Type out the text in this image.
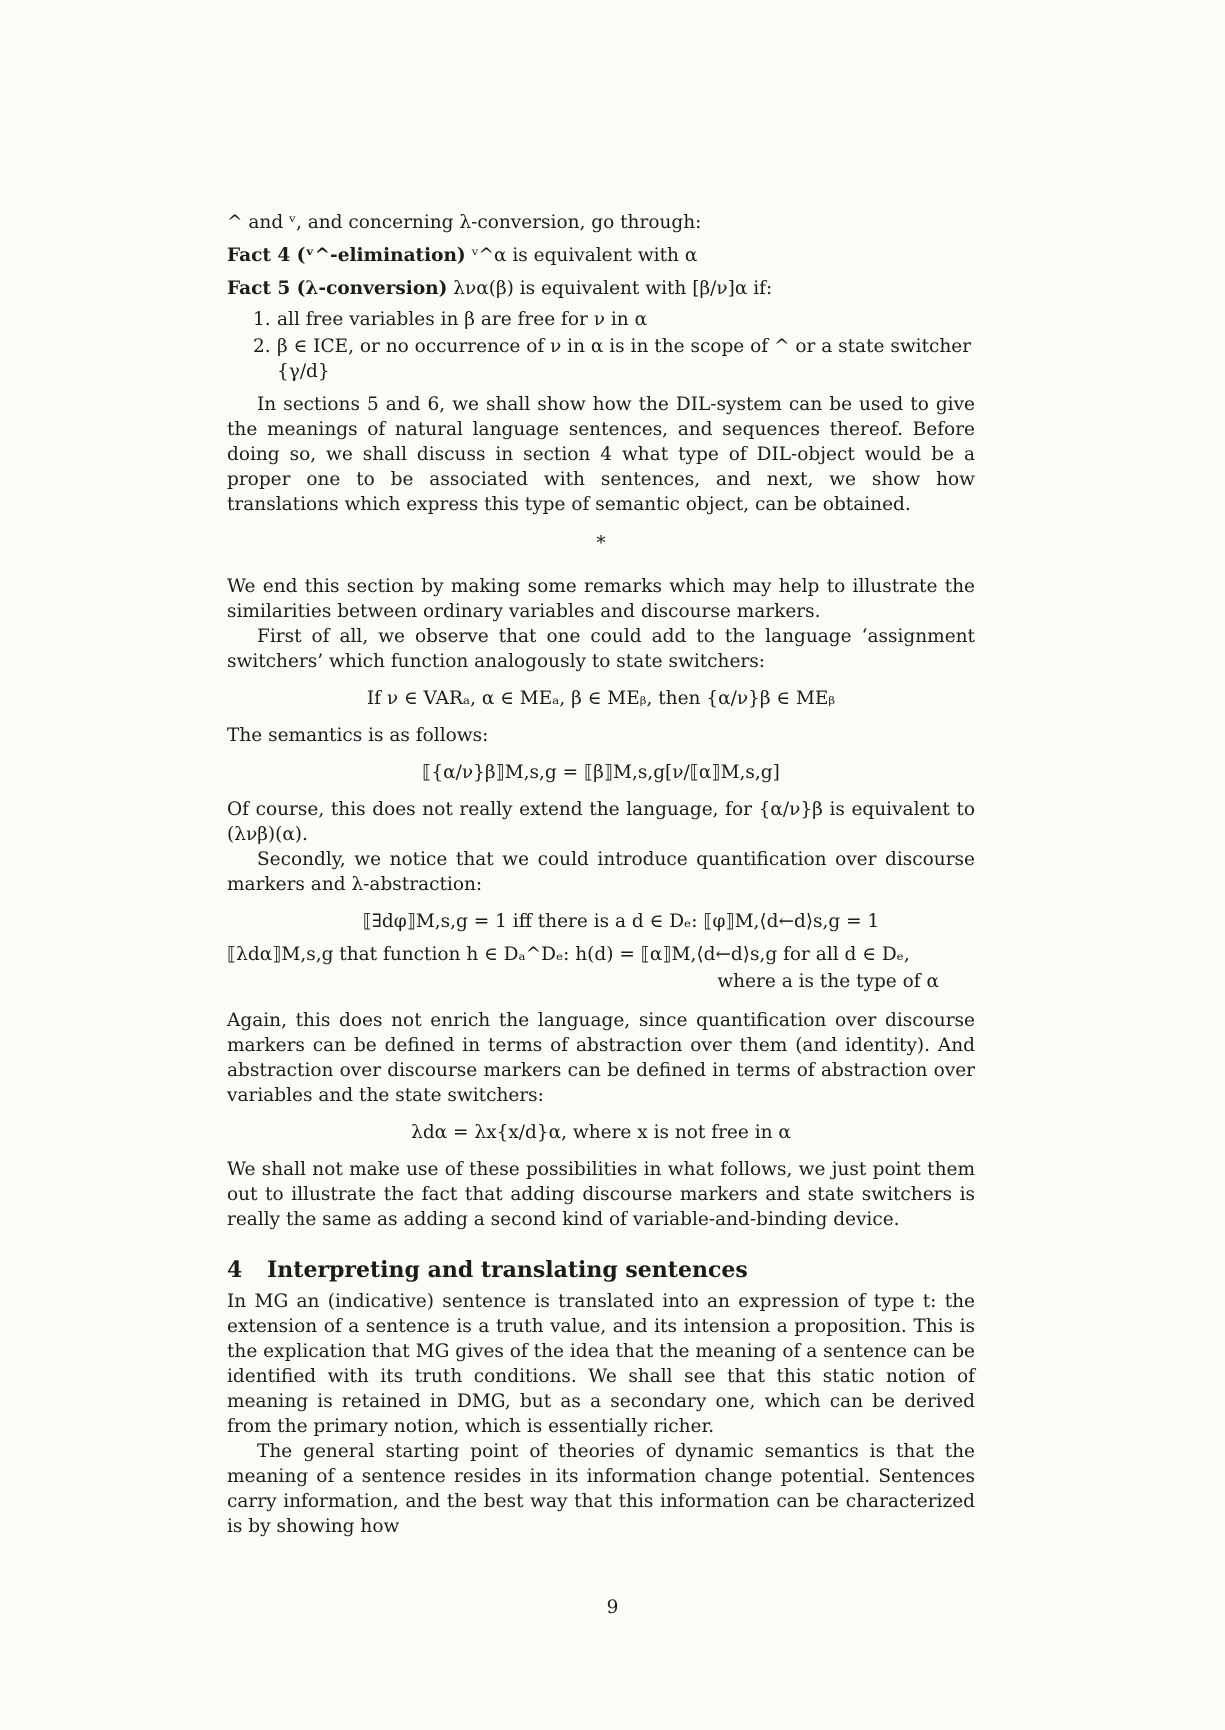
^ and ᵛ, and concerning λ-conversion, go through:

Fact 4 (ᵛ^-elimination) ᵛ^α is equivalent with α

Fact 5 (λ-conversion) λνα(β) is equivalent with [β/ν]α if:

1. all free variables in β are free for ν in α
2. β ∈ ICE, or no occurrence of ν in α is in the scope of ^ or a state switcher {γ/d}

In sections 5 and 6, we shall show how the DIL-system can be used to give the meanings of natural language sentences, and sequences thereof. Before doing so, we shall discuss in section 4 what type of DIL-object would be a proper one to be associated with sentences, and next, we show how translations which express this type of semantic object, can be obtained.

*

We end this section by making some remarks which may help to illustrate the similarities between ordinary variables and discourse markers.

First of all, we observe that one could add to the language ‘assignment switchers’ which function analogously to state switchers:

If ν ∈ VARₐ, α ∈ MEₐ, β ∈ MEᵦ, then {α/ν}β ∈ MEᵦ

The semantics is as follows:

⟦{α/ν}β⟧M,s,g = ⟦β⟧M,s,g[ν/⟦α⟧M,s,g]

Of course, this does not really extend the language, for {α/ν}β is equivalent to (λνβ)(α).

Secondly, we notice that we could introduce quantification over discourse markers and λ-abstraction:

⟦∃dφ⟧M,s,g = 1 iff there is a d ∈ Dₑ: ⟦φ⟧M,⟨d←d⟩s,g = 1
⟦λdα⟧M,s,g that function h ∈ Dₐ^Dₑ: h(d) = ⟦α⟧M,⟨d←d⟩s,g for all d ∈ Dₑ,
where a is the type of α

Again, this does not enrich the language, since quantification over discourse markers can be defined in terms of abstraction over them (and identity). And abstraction over discourse markers can be defined in terms of abstraction over variables and the state switchers:

λdα = λx{x/d}α, where x is not free in α

We shall not make use of these possibilities in what follows, we just point them out to illustrate the fact that adding discourse markers and state switchers is really the same as adding a second kind of variable-and-binding device.

4 Interpreting and translating sentences

In MG an (indicative) sentence is translated into an expression of type t: the extension of a sentence is a truth value, and its intension a proposition. This is the explication that MG gives of the idea that the meaning of a sentence can be identified with its truth conditions. We shall see that this static notion of meaning is retained in DMG, but as a secondary one, which can be derived from the primary notion, which is essentially richer.

The general starting point of theories of dynamic semantics is that the meaning of a sentence resides in its information change potential. Sentences carry information, and the best way that this information can be characterized is by showing how

9
